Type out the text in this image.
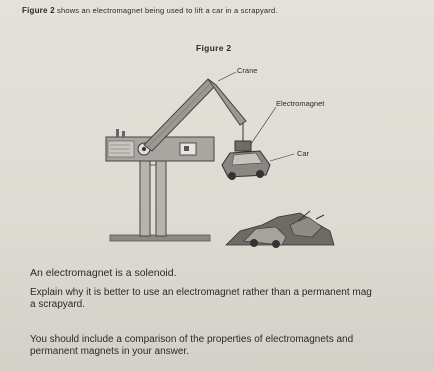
Figure 2 shows an electromagnet being used to lift a car in a scrapyard.
Figure 2
Crane
Electromagnet
Car
An electromagnet is a solenoid.
Explain why it is better to use an electromagnet rather than a permanent mag
a scrapyard.
You should include a comparison of the properties of electromagnets and
permanent magnets in your answer.
